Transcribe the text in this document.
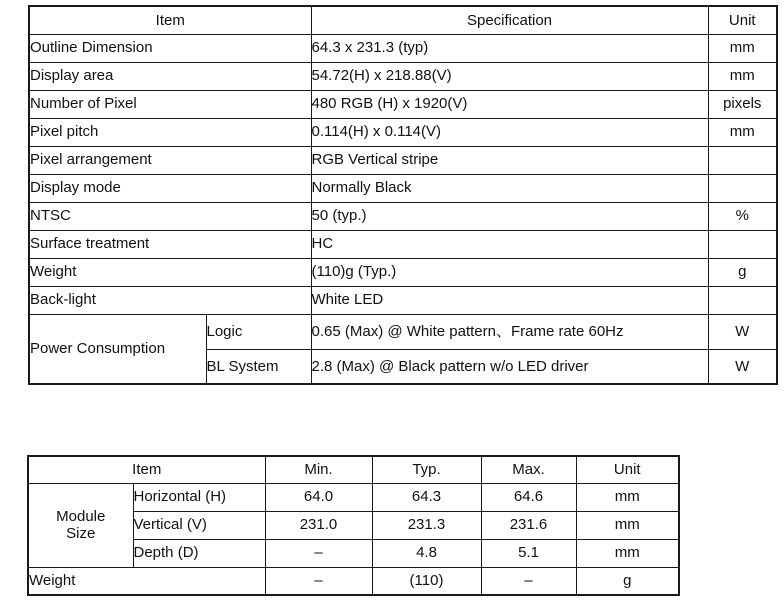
Item		Specification	Unit
Outline Dimension		64.3 x 231.3 (typ)	mm
Display area		54.72(H) x 218.88(V)	mm
Number of Pixel		480 RGB (H) x 1920(V)	pixels
Pixel pitch		0.114(H) x 0.114(V)	mm
Pixel arrangement		RGB Vertical stripe	
Display mode		Normally Black	
NTSC		50 (typ.)	%
Surface treatment		HC	
Weight		(110)g (Typ.)	g
Back-light		White LED	
Power Consumption	Logic	0.65 (Max) @ White pattern、Frame rate 60Hz	W
	BL System	2.8 (Max) @ Black pattern w/o LED driver	W
Item		Min.	Typ.	Max.	Unit
Module
Size	Horizontal (H)	64.0	64.3	64.6	mm
	Vertical (V)	231.0	231.3	231.6	mm
	Depth (D)	–	4.8	5.1	mm
Weight		–	(110)	–	g
